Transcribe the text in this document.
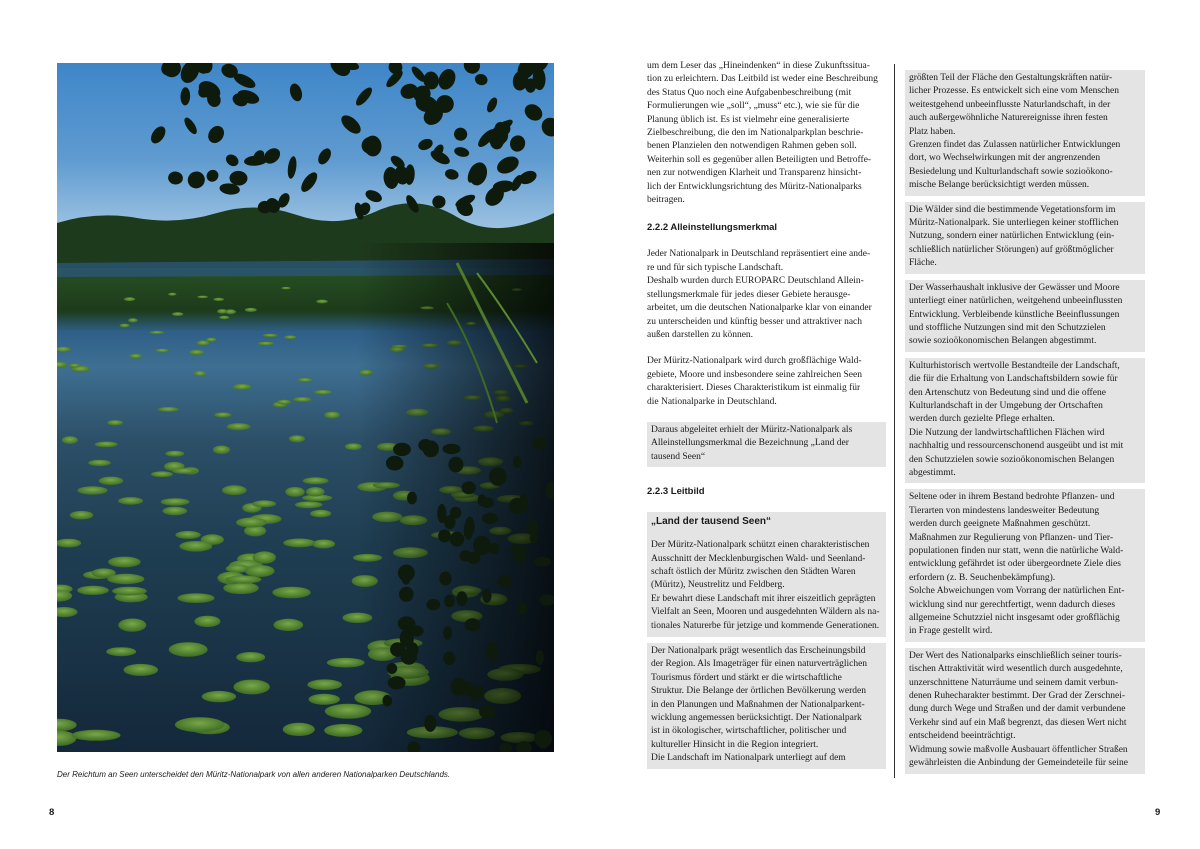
Der Reichtum an Seen unterscheidet den Müritz-Nationalpark von allen anderen Nationalparken Deutschlands.
8
um dem Leser das „Hineindenken“ in diese Zukunftssitua-
tion zu erleichtern. Das Leitbild ist weder eine Beschreibung
des Status Quo noch eine Aufgabenbeschreibung (mit
Formulierungen wie „soll“, „muss“ etc.), wie sie für die
Planung üblich ist. Es ist vielmehr eine generalisierte
Zielbeschreibung, die den im Nationalparkplan beschrie-
benen Planzielen den notwendigen Rahmen geben soll.
Weiterhin soll es gegenüber allen Beteiligten und Betroffe-
nen zur notwendigen Klarheit und Transparenz hinsicht-
lich der Entwicklungsrichtung des Müritz-Nationalparks
beitragen.
2.2.2 Alleinstellungsmerkmal
Jeder Nationalpark in Deutschland repräsentiert eine ande-
re und für sich typische Landschaft.
Deshalb wurden durch EUROPARC Deutschland Allein-
stellungsmerkmale für jedes dieser Gebiete herausge-
arbeitet, um die deutschen Nationalparke klar von einander
zu unterscheiden und künftig besser und attraktiver nach
außen darstellen zu können.
Der Müritz-Nationalpark wird durch großflächige Wald-
gebiete, Moore und insbesondere seine zahlreichen Seen
charakterisiert. Dieses Charakteristikum ist einmalig für
die Nationalparke in Deutschland.
Daraus abgeleitet erhielt der Müritz-Nationalpark als
Alleinstellungsmerkmal die Bezeichnung „Land der
tausend Seen“
2.2.3 Leitbild
„Land der tausend Seen“
Der Müritz-Nationalpark schützt einen charakteristischen
Ausschnitt der Mecklenburgischen Wald- und Seenland-
schaft östlich der Müritz zwischen den Städten Waren
(Müritz), Neustrelitz und Feldberg.
Er bewahrt diese Landschaft mit ihrer eiszeitlich geprägten
Vielfalt an Seen, Mooren und ausgedehnten Wäldern als na-
tionales Naturerbe für jetzige und kommende Generationen.
Der Nationalpark prägt wesentlich das Erscheinungsbild
der Region. Als Imageträger für einen naturverträglichen
Tourismus fördert und stärkt er die wirtschaftliche
Struktur. Die Belange der örtlichen Bevölkerung werden
in den Planungen und Maßnahmen der Nationalparkent-
wicklung angemessen berücksichtigt. Der Nationalpark
ist in ökologischer, wirtschaftlicher, politischer und
kultureller Hinsicht in die Region integriert.
Die Landschaft im Nationalpark unterliegt auf dem
größten Teil der Fläche den Gestaltungskräften natür-
licher Prozesse. Es entwickelt sich eine vom Menschen
weitestgehend unbeeinflusste Naturlandschaft, in der
auch außergewöhnliche Naturereignisse ihren festen
Platz haben.
Grenzen findet das Zulassen natürlicher Entwicklungen
dort, wo Wechselwirkungen mit der angrenzenden
Besiedelung und Kulturlandschaft sowie sozioökono-
mische Belange berücksichtigt werden müssen.
Die Wälder sind die bestimmende Vegetationsform im
Müritz-Nationalpark. Sie unterliegen keiner stofflichen
Nutzung, sondern einer natürlichen Entwicklung (ein-
schließlich natürlicher Störungen) auf größtmöglicher
Fläche.
Der Wasserhaushalt inklusive der Gewässer und Moore
unterliegt einer natürlichen, weitgehend unbeeinflussten
Entwicklung. Verbleibende künstliche Beeinflussungen
und stoffliche Nutzungen sind mit den Schutzzielen
sowie sozioökonomischen Belangen abgestimmt.
Kulturhistorisch wertvolle Bestandteile der Landschaft,
die für die Erhaltung von Landschaftsbildern sowie für
den Artenschutz von Bedeutung sind und die offene
Kulturlandschaft in der Umgebung der Ortschaften
werden durch gezielte Pflege erhalten.
Die Nutzung der landwirtschaftlichen Flächen wird
nachhaltig und ressourcenschonend ausgeübt und ist mit
den Schutzzielen sowie sozioökonomischen Belangen
abgestimmt.
Seltene oder in ihrem Bestand bedrohte Pflanzen- und
Tierarten von mindestens landesweiter Bedeutung
werden durch geeignete Maßnahmen geschützt.
Maßnahmen zur Regulierung von Pflanzen- und Tier-
populationen finden nur statt, wenn die natürliche Wald-
entwicklung gefährdet ist oder übergeordnete Ziele dies
erfordern (z. B. Seuchenbekämpfung).
Solche Abweichungen vom Vorrang der natürlichen Ent-
wicklung sind nur gerechtfertigt, wenn dadurch dieses
allgemeine Schutzziel nicht insgesamt oder großflächig
in Frage gestellt wird.
Der Wert des Nationalparks einschließlich seiner touris-
tischen Attraktivität wird wesentlich durch ausgedehnte,
unzerschnittene Naturräume und seinem damit verbun-
denen Ruhecharakter bestimmt. Der Grad der Zerschnei-
dung durch Wege und Straßen und der damit verbundene
Verkehr sind auf ein Maß begrenzt, das diesen Wert nicht
entscheidend beeinträchtigt.
Widmung sowie maßvolle Ausbauart öffentlicher Straßen
gewährleisten die Anbindung der Gemeindeteile für seine
9
